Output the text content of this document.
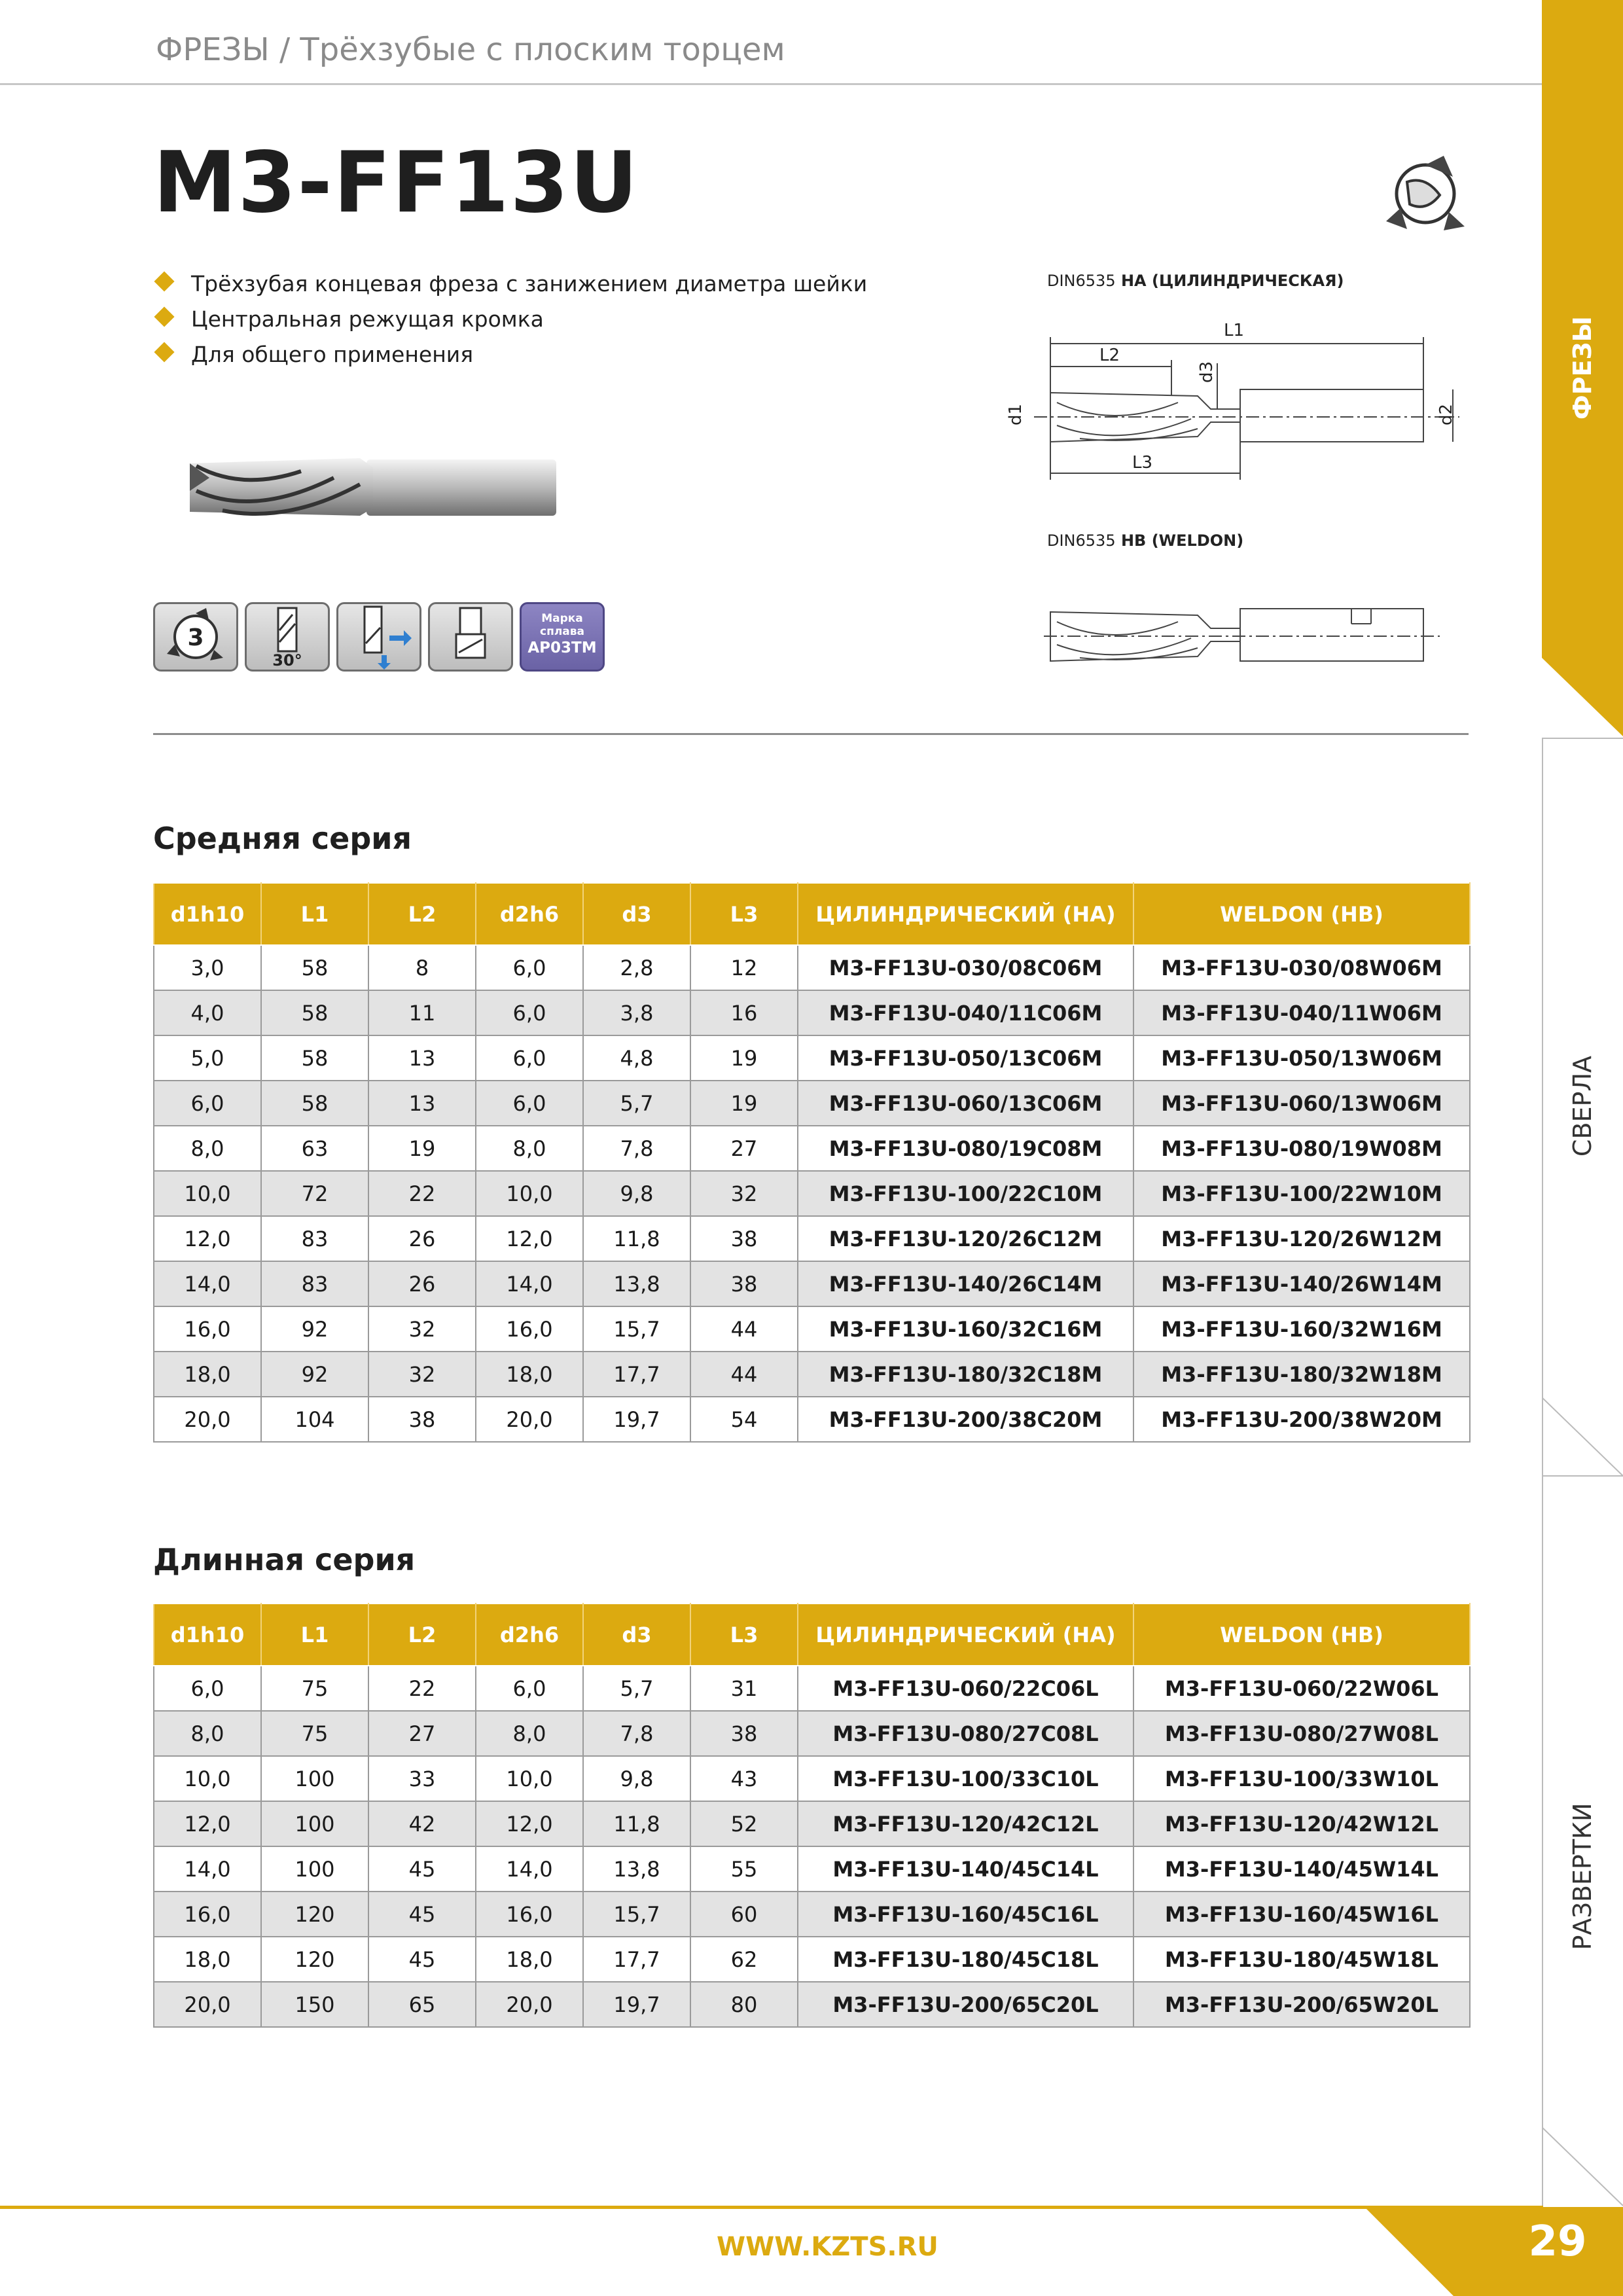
ФРЕЗЫ / Трёхзубые с плоским торцем
M3-FF13U
Трёхзубая концевая фреза с занижением диаметра шейки
Центральная режущая кромка
Для общего применения
DIN6535 HA (ЦИЛИНДРИЧЕСКАЯ)
L1
L2
L3
d1
d3
d2
DIN6535 HB (WELDON)
3
30°
Марка
сплава
AP03TM
Средняя серия
d1h10	L1	L2	d2h6	d3	L3	ЦИЛИНДРИЧЕСКИЙ (HA)	WELDON (HB)
3,0	58	8	6,0	2,8	12	M3-FF13U-030/08C06M	M3-FF13U-030/08W06M
4,0	58	11	6,0	3,8	16	M3-FF13U-040/11C06M	M3-FF13U-040/11W06M
5,0	58	13	6,0	4,8	19	M3-FF13U-050/13C06M	M3-FF13U-050/13W06M
6,0	58	13	6,0	5,7	19	M3-FF13U-060/13C06M	M3-FF13U-060/13W06M
8,0	63	19	8,0	7,8	27	M3-FF13U-080/19C08M	M3-FF13U-080/19W08M
10,0	72	22	10,0	9,8	32	M3-FF13U-100/22C10M	M3-FF13U-100/22W10M
12,0	83	26	12,0	11,8	38	M3-FF13U-120/26C12M	M3-FF13U-120/26W12M
14,0	83	26	14,0	13,8	38	M3-FF13U-140/26C14M	M3-FF13U-140/26W14M
16,0	92	32	16,0	15,7	44	M3-FF13U-160/32C16M	M3-FF13U-160/32W16M
18,0	92	32	18,0	17,7	44	M3-FF13U-180/32C18M	M3-FF13U-180/32W18M
20,0	104	38	20,0	19,7	54	M3-FF13U-200/38C20M	M3-FF13U-200/38W20M
Длинная серия
d1h10	L1	L2	d2h6	d3	L3	ЦИЛИНДРИЧЕСКИЙ (HA)	WELDON (HB)
6,0	75	22	6,0	5,7	31	M3-FF13U-060/22C06L	M3-FF13U-060/22W06L
8,0	75	27	8,0	7,8	38	M3-FF13U-080/27C08L	M3-FF13U-080/27W08L
10,0	100	33	10,0	9,8	43	M3-FF13U-100/33C10L	M3-FF13U-100/33W10L
12,0	100	42	12,0	11,8	52	M3-FF13U-120/42C12L	M3-FF13U-120/42W12L
14,0	100	45	14,0	13,8	55	M3-FF13U-140/45C14L	M3-FF13U-140/45W14L
16,0	120	45	16,0	15,7	60	M3-FF13U-160/45C16L	M3-FF13U-160/45W16L
18,0	120	45	18,0	17,7	62	M3-FF13U-180/45C18L	M3-FF13U-180/45W18L
20,0	150	65	20,0	19,7	80	M3-FF13U-200/65C20L	M3-FF13U-200/65W20L
ФРЕЗЫ
СВЕРЛА
РАЗВЕРТКИ
WWW.KZTS.RU	29
